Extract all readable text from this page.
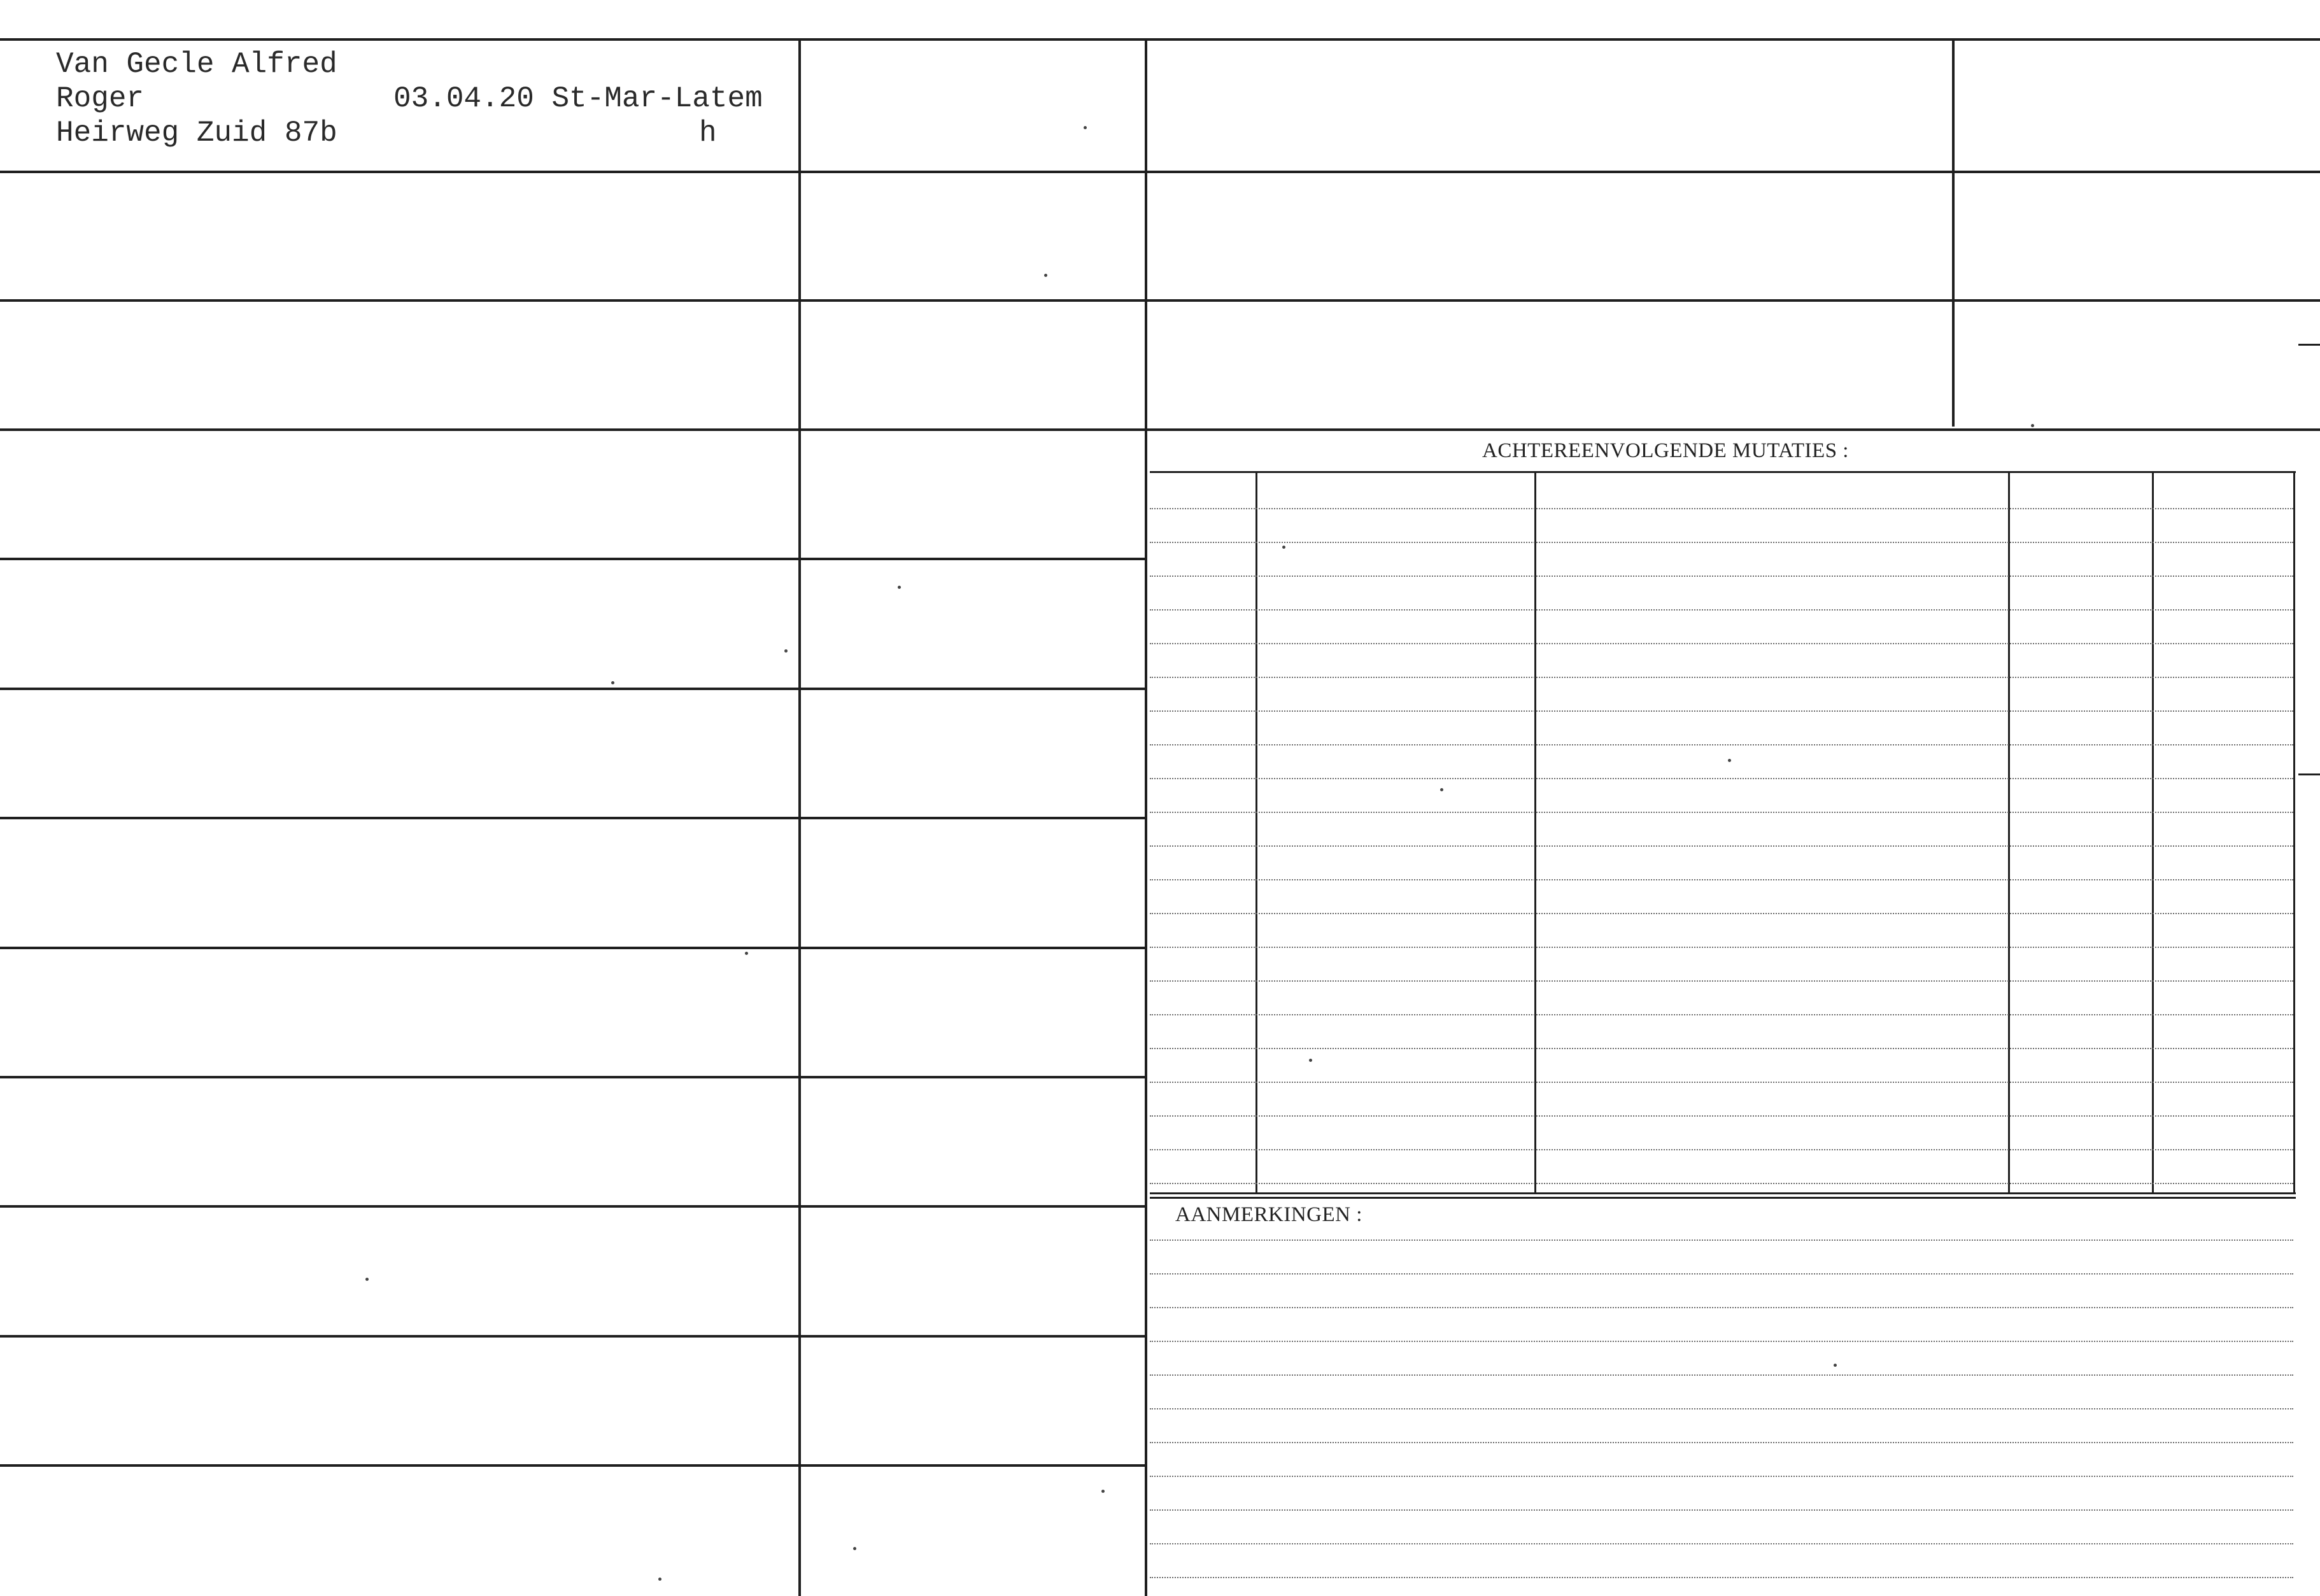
Van Gecle Alfred
Roger
Heirweg Zuid 87b
03.04.20 St-Mar-Latem
h
ACHTEREENVOLGENDE MUTATIES :
AANMERKINGEN :
